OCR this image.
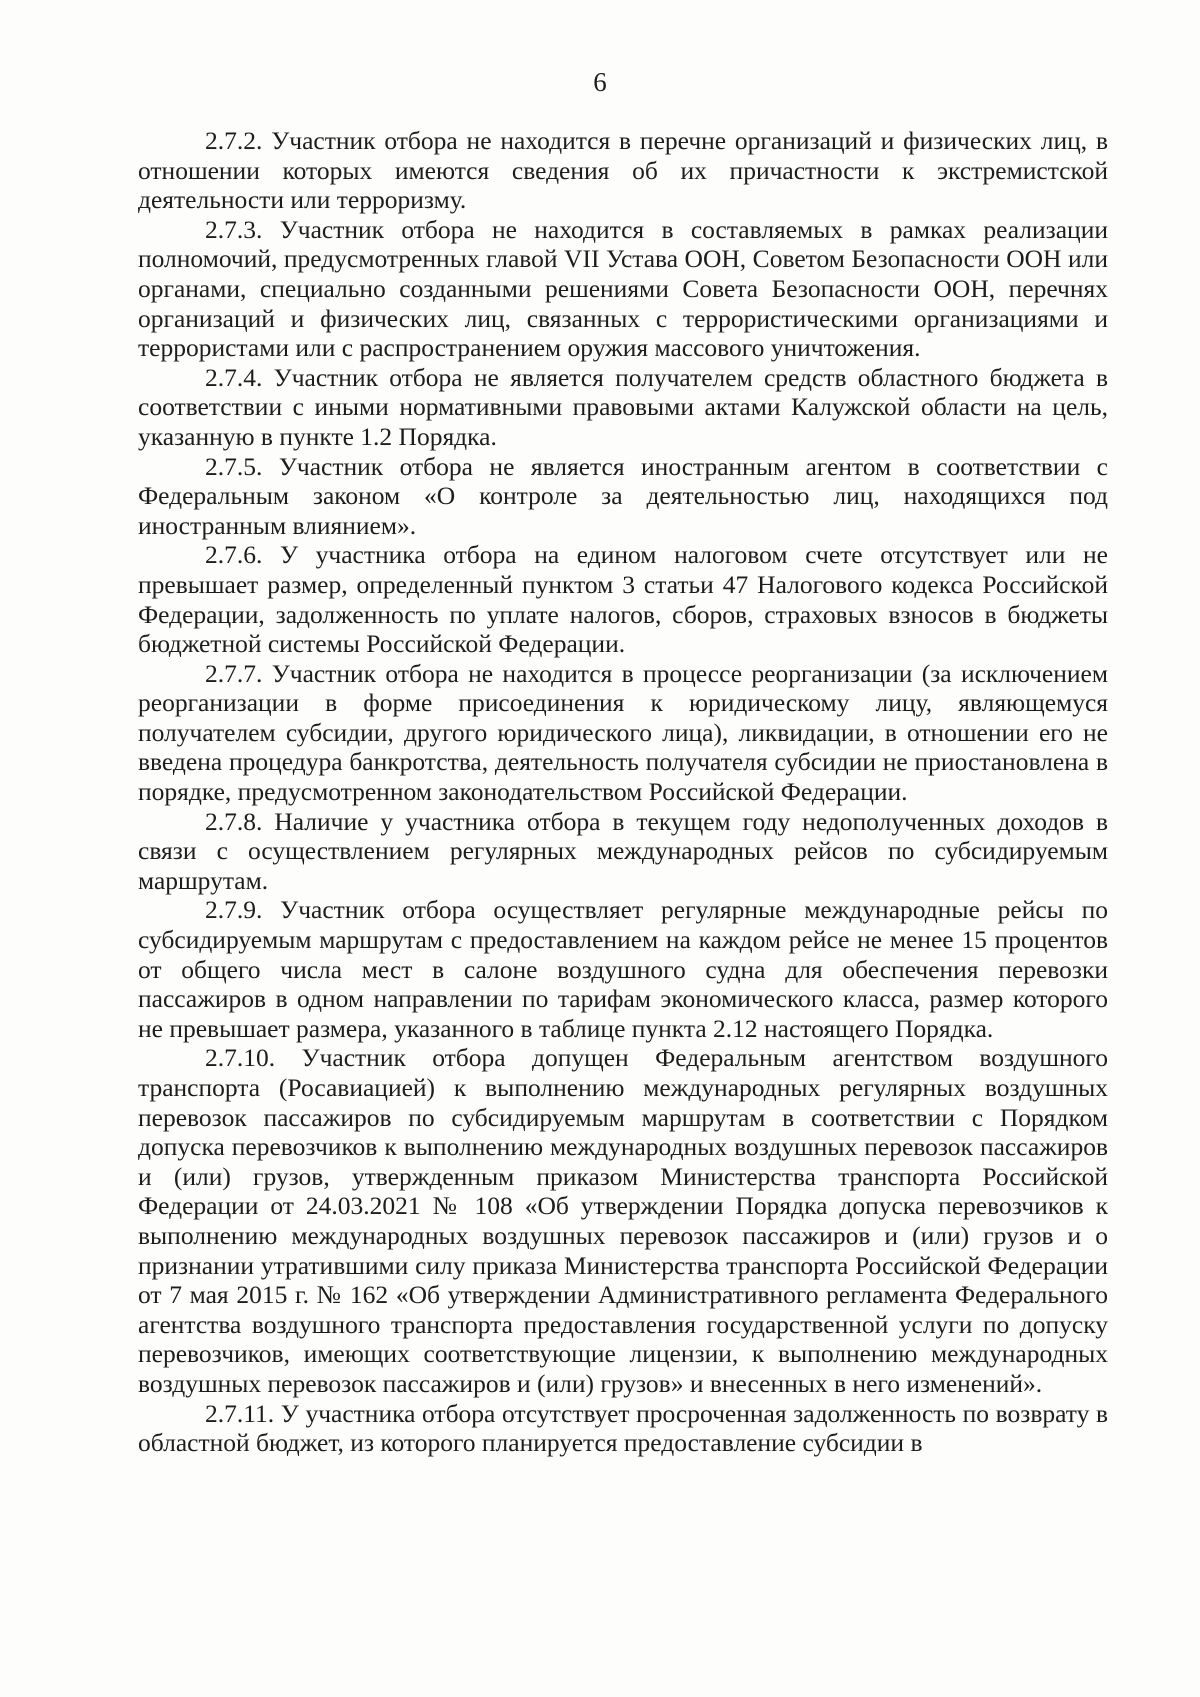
6

2.7.2. Участник отбора не находится в перечне организаций и физических лиц, в отношении которых имеются сведения об их причастности к экстремистской деятельности или терроризму.

2.7.3. Участник отбора не находится в составляемых в рамках реализации полномочий, предусмотренных главой VII Устава ООН, Советом Безопасности ООН или органами, специально созданными решениями Совета Безопасности ООН, перечнях организаций и физических лиц, связанных с террористическими организациями и террористами или с распространением оружия массового уничтожения.

2.7.4. Участник отбора не является получателем средств областного бюджета в соответствии с иными нормативными правовыми актами Калужской области на цель, указанную в пункте 1.2 Порядка.

2.7.5. Участник отбора не является иностранным агентом в соответствии с Федеральным законом «О контроле за деятельностью лиц, находящихся под иностранным влиянием».

2.7.6. У участника отбора на едином налоговом счете отсутствует или не превышает размер, определенный пунктом 3 статьи 47 Налогового кодекса Российской Федерации, задолженность по уплате налогов, сборов, страховых взносов в бюджеты бюджетной системы Российской Федерации.

2.7.7. Участник отбора не находится в процессе реорганизации (за исключением реорганизации в форме присоединения к юридическому лицу, являющемуся получателем субсидии, другого юридического лица), ликвидации, в отношении его не введена процедура банкротства, деятельность получателя субсидии не приостановлена в порядке, предусмотренном законодательством Российской Федерации.

2.7.8. Наличие у участника отбора в текущем году недополученных доходов в связи с осуществлением регулярных международных рейсов по субсидируемым маршрутам.

2.7.9. Участник отбора осуществляет регулярные международные рейсы по субсидируемым маршрутам с предоставлением на каждом рейсе не менее 15 процентов от общего числа мест в салоне воздушного судна для обеспечения перевозки пассажиров в одном направлении по тарифам экономического класса, размер которого не превышает размера, указанного в таблице пункта 2.12 настоящего Порядка.

2.7.10. Участник отбора допущен Федеральным агентством воздушного транспорта (Росавиацией) к выполнению международных регулярных воздушных перевозок пассажиров по субсидируемым маршрутам в соответствии с Порядком допуска перевозчиков к выполнению международных воздушных перевозок пассажиров и (или) грузов, утвержденным приказом Министерства транспорта Российской Федерации от 24.03.2021 № 108 «Об утверждении Порядка допуска перевозчиков к выполнению международных воздушных перевозок пассажиров и (или) грузов и о признании утратившими силу приказа Министерства транспорта Российской Федерации от 7 мая 2015 г. № 162 «Об утверждении Административного регламента Федерального агентства воздушного транспорта предоставления государственной услуги по допуску перевозчиков, имеющих соответствующие лицензии, к выполнению международных воздушных перевозок пассажиров и (или) грузов» и внесенных в него изменений».

2.7.11. У участника отбора отсутствует просроченная задолженность по возврату в областной бюджет, из которого планируется предоставление субсидии в
